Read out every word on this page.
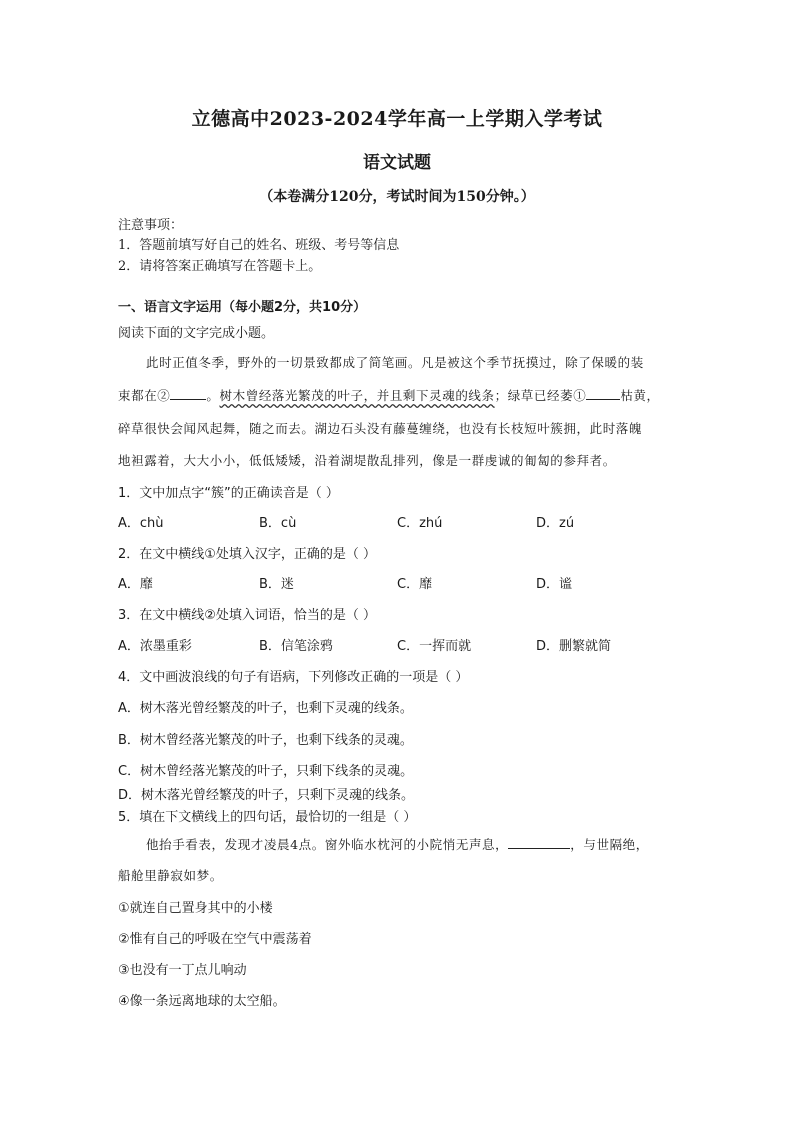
立德高中2023-2024学年高一上学期入学考试
语文试题
（本卷满分120分，考试时间为150分钟。）
注意事项：
1．答题前填写好自己的姓名、班级、考号等信息
2．请将答案正确填写在答题卡上。
一、语言文字运用（每小题2分，共10分）
阅读下面的文字完成小题。
此时正值冬季，野外的一切景致都成了简笔画。凡是被这个季节抚摸过，除了保暖的装
束都在②	。树木曾经落光繁茂的叶子，并且剩下灵魂的线条；绿草已经萎①	枯黄，
碎草很快会闻风起舞，随之而去。湖边石头没有藤蔓缠绕，也没有长枝短叶簇拥，此时落魄
地袒露着，大大小小，低低矮矮，沿着湖堤散乱排列，像是一群虔诚的匍匐的参拜者。
1．文中加点字“簇”的正确读音是（ ）
A．chù	B．cù	C．zhú	D．zú
2．在文中横线①处填入汉字，正确的是（ ）
A．靡	B．迷	C．靡	D．谧
3．在文中横线②处填入词语，恰当的是（ ）
A．浓墨重彩	B．信笔涂鸦	C．一挥而就	D．删繁就简
4．文中画波浪线的句子有语病，下列修改正确的一项是（ ）
A．树木落光曾经繁茂的叶子，也剩下灵魂的线条。
B．树木曾经落光繁茂的叶子，也剩下线条的灵魂。
C．树木曾经落光繁茂的叶子，只剩下线条的灵魂。
D．树木落光曾经繁茂的叶子，只剩下灵魂的线条。
5．填在下文横线上的四句话，最恰切的一组是（ ）
他抬手看表，发现才凌晨4点。窗外临水枕河的小院悄无声息，	，与世隔绝，
船舱里静寂如梦。
①就连自己置身其中的小楼
②惟有自己的呼吸在空气中震荡着
③也没有一丁点儿响动
④像一条远离地球的太空船。
